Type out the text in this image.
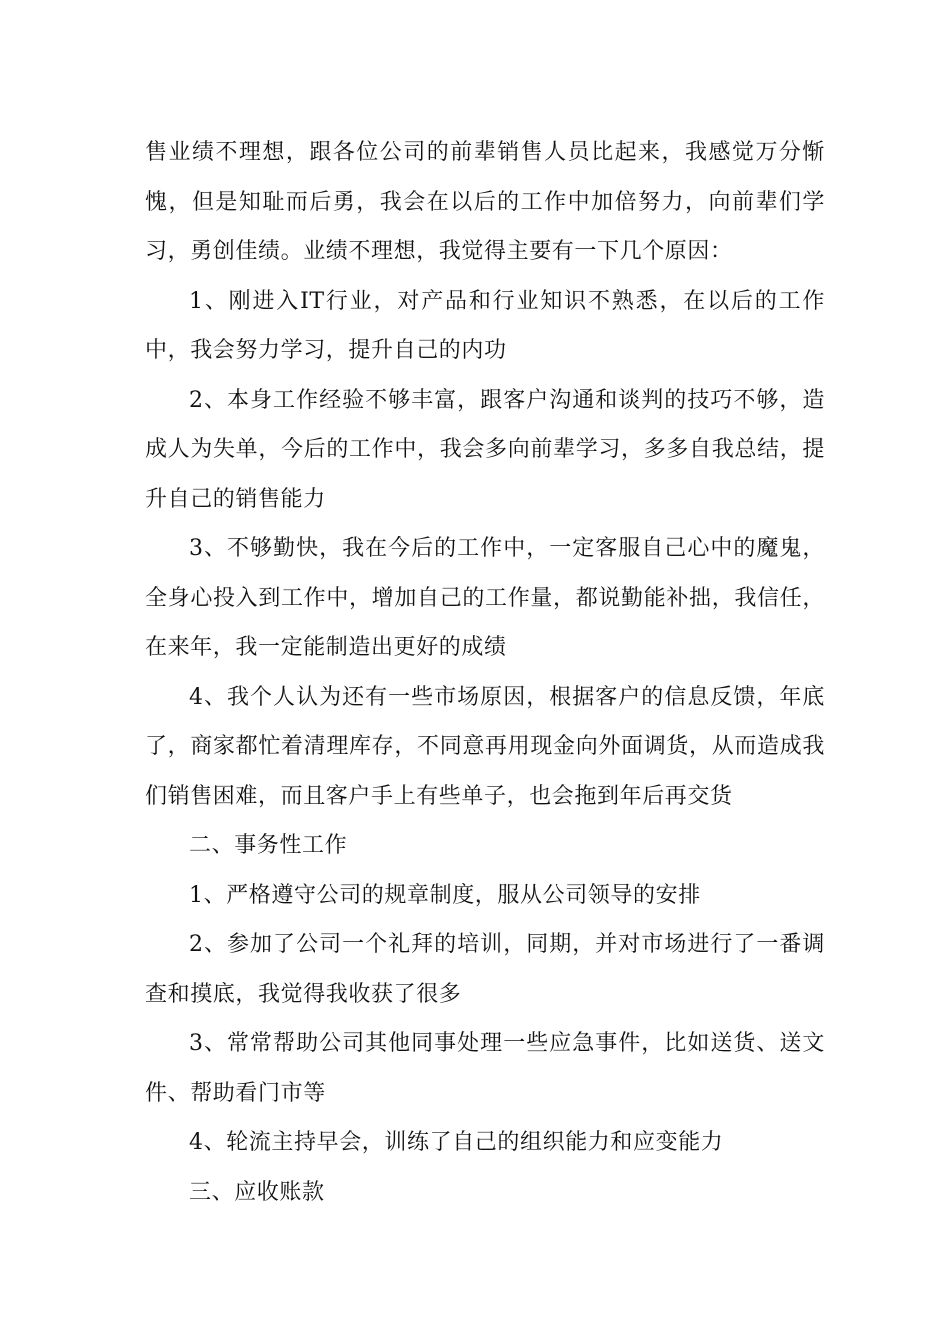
售业绩不理想，跟各位公司的前辈销售人员比起来，我感觉万分惭愧，但是知耻而后勇，我会在以后的工作中加倍努力，向前辈们学习，勇创佳绩。业绩不理想，我觉得主要有一下几个原因：

1、刚进入IT行业，对产品和行业知识不熟悉，在以后的工作中，我会努力学习，提升自己的内功

2、本身工作经验不够丰富，跟客户沟通和谈判的技巧不够，造成人为失单，今后的工作中，我会多向前辈学习，多多自我总结，提升自己的销售能力

3、不够勤快，我在今后的工作中，一定客服自己心中的魔鬼，全身心投入到工作中，增加自己的工作量，都说勤能补拙，我信任，在来年，我一定能制造出更好的成绩

4、我个人认为还有一些市场原因，根据客户的信息反馈，年底了，商家都忙着清理库存，不同意再用现金向外面调货，从而造成我们销售困难，而且客户手上有些单子，也会拖到年后再交货

二、事务性工作

1、严格遵守公司的规章制度，服从公司领导的安排

2、参加了公司一个礼拜的培训，同期，并对市场进行了一番调查和摸底，我觉得我收获了很多

3、常常帮助公司其他同事处理一些应急事件，比如送货、送文件、帮助看门市等

4、轮流主持早会，训练了自己的组织能力和应变能力

三、应收账款
